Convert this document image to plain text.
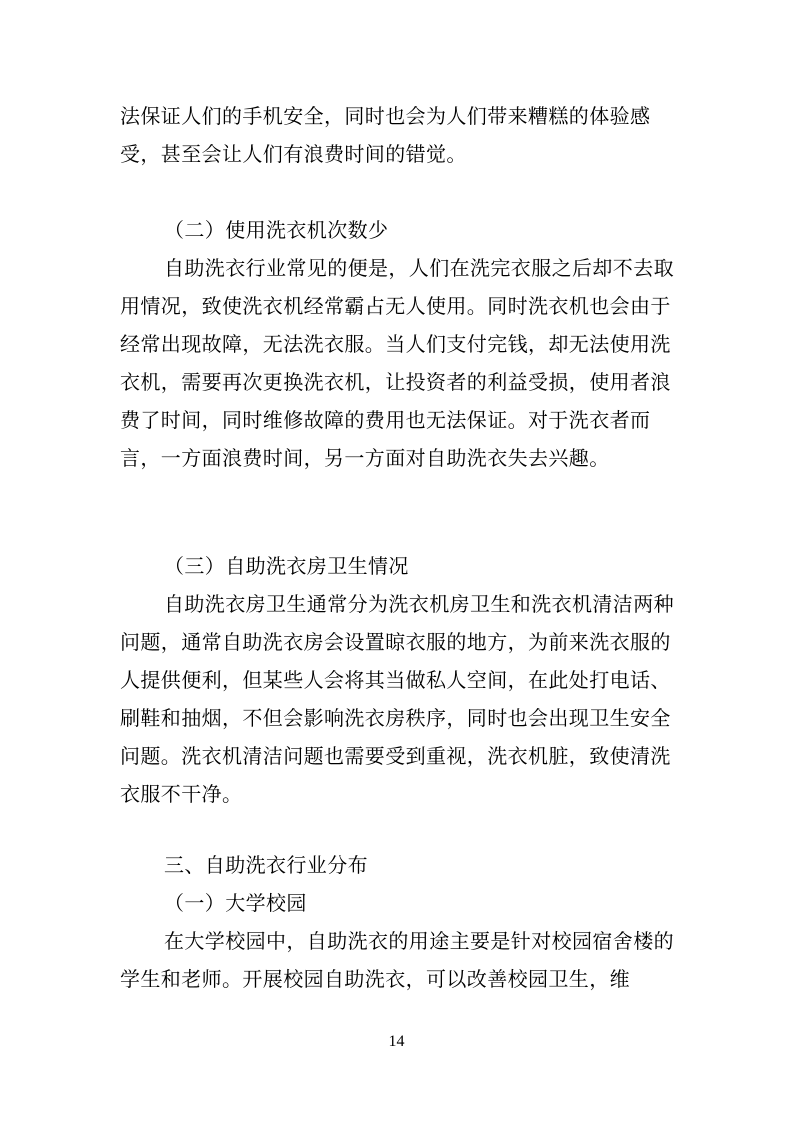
法保证人们的手机安全，同时也会为人们带来糟糕的体验感受，甚至会让人们有浪费时间的错觉。

（二）使用洗衣机次数少

自助洗衣行业常见的便是，人们在洗完衣服之后却不去取用情况，致使洗衣机经常霸占无人使用。同时洗衣机也会由于经常出现故障，无法洗衣服。当人们支付完钱，却无法使用洗衣机，需要再次更换洗衣机，让投资者的利益受损，使用者浪费了时间，同时维修故障的费用也无法保证。对于洗衣者而言，一方面浪费时间，另一方面对自助洗衣失去兴趣。

（三）自助洗衣房卫生情况

自助洗衣房卫生通常分为洗衣机房卫生和洗衣机清洁两种问题，通常自助洗衣房会设置晾衣服的地方，为前来洗衣服的人提供便利，但某些人会将其当做私人空间，在此处打电话、刷鞋和抽烟，不但会影响洗衣房秩序，同时也会出现卫生安全问题。洗衣机清洁问题也需要受到重视，洗衣机脏，致使清洗衣服不干净。

三、自助洗衣行业分布

（一）大学校园

在大学校园中，自助洗衣的用途主要是针对校园宿舍楼的学生和老师。开展校园自助洗衣，可以改善校园卫生，维

14
